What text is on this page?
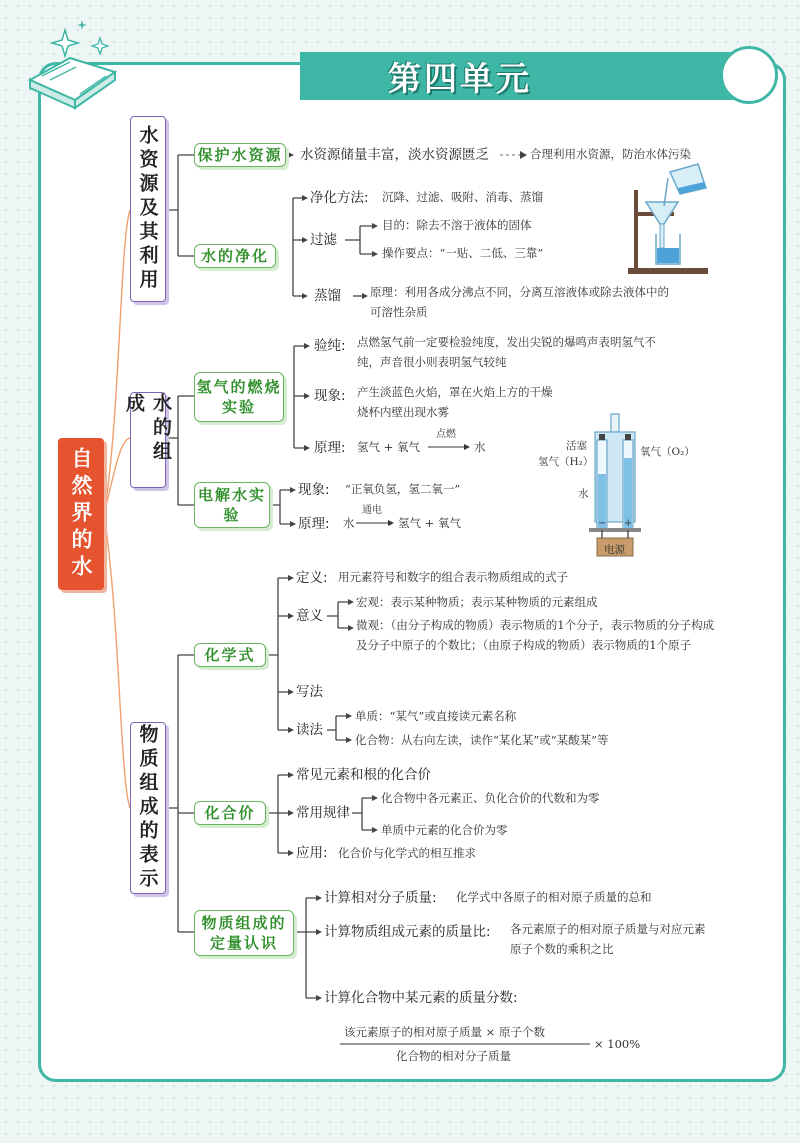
第四单元
自然界的水
水资源及其利用
水的组成
物质组成的表示
保护水资源
水的净化
氢气的燃烧实验
电解水实验
化学式
化合价
物质组成的定量认识
水资源储量丰富，淡水资源匮乏	合理利用水资源，防治水体污染
净化方法: 沉降、过滤、吸附、消毒、蒸馏
过滤
目的：除去不溶于液体的固体
操作要点：“一贴、二低、三靠”
蒸馏	原理：利用各成分沸点不同，分离互溶液体或除去液体中的可溶性杂质
验纯: 点燃氢气前一定要检验纯度，发出尖锐的爆鸣声表明氢气不纯，声音很小则表明氢气较纯
现象: 产生淡蓝色火焰，罩在火焰上方的干燥烧杯内壁出现水雾
原理: 氢气 + 氧气
点燃
→ 水
现象: “正氧负氢，氢二氧一”
原理: 水
通电
→ 氢气 + 氧气
活塞
氢气（H₂）
氧气（O₂）
水
电源
− +
定义: 用元素符号和数字的组合表示物质组成的式子
意义
宏观：表示某种物质；表示某种物质的元素组成
微观：（由分子构成的物质）表示物质的1个分子，表示物质的分子构成及分子中原子的个数比；（由原子构成的物质）表示物质的1个原子
写法
读法
单质：“某气”或直接读元素名称
化合物：从右向左读，读作“某化某”或“某酸某”等
常见元素和根的化合价
常用规律
化合物中各元素正、负化合价的代数和为零
单质中元素的化合价为零
应用: 化合价与化学式的相互推求
计算相对分子质量: 化学式中各原子的相对原子质量的总和
计算物质组成元素的质量比: 各元素原子的相对原子质量与对应元素原子个数的乘积之比
计算化合物中某元素的质量分数:
该元素原子的相对原子质量 × 原子个数
化合物的相对分子质量
× 100%
